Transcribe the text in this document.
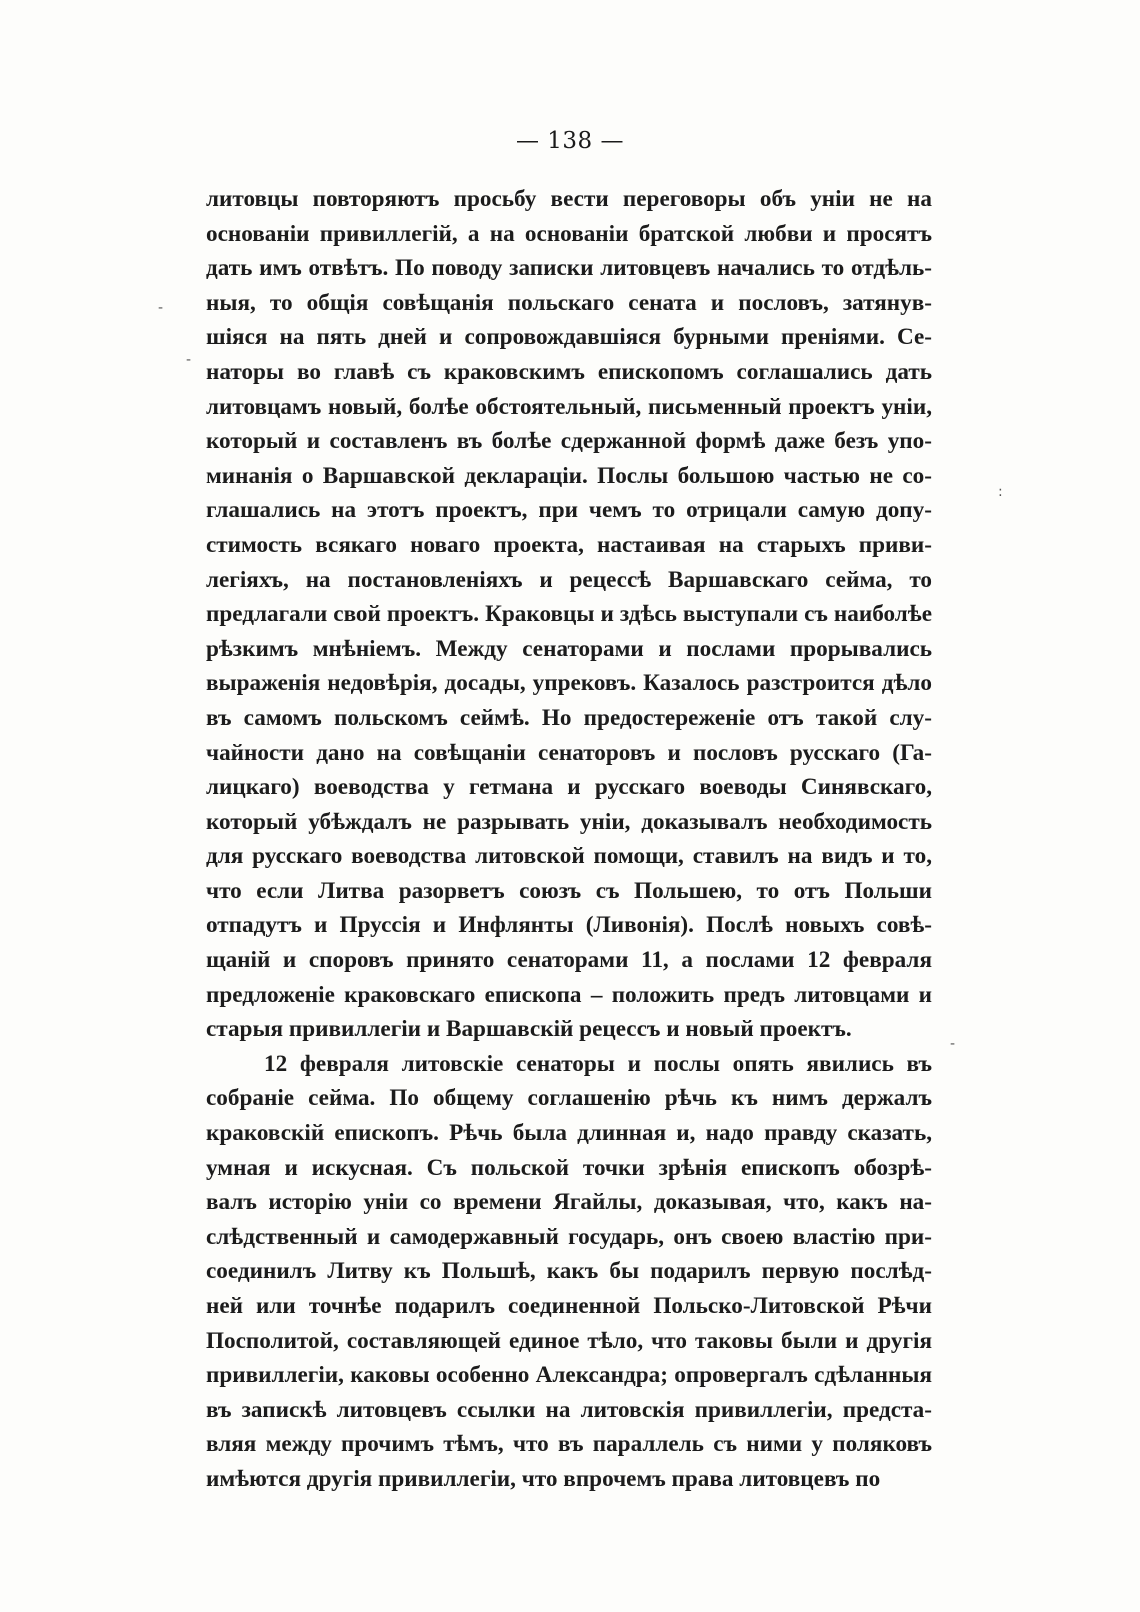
— 138 —
литовцы повторяютъ просьбу вести переговоры объ уніи не на
основаніи привиллегій, а на основаніи братской любви и просятъ
дать имъ отвѣтъ. По поводу записки литовцевъ начались то отдѣль-
ныя, то общія совѣщанія польскаго сената и пословъ, затянув-
шіяся на пять дней и сопровождавшіяся бурными преніями. Се-
наторы во главѣ съ краковскимъ епископомъ соглашались дать
литовцамъ новый, болѣе обстоятельный, письменный проектъ уніи,
который и составленъ въ болѣе сдержанной формѣ даже безъ упо-
минанія о Варшавской декларацiи. Послы большою частью не со-
глашались на этотъ проектъ, при чемъ то отрицали самую допу-
стимость всякаго новаго проекта, настаивая на старыхъ приви-
легіяхъ, на постановленіяхъ и рецессѣ Варшавскаго сейма, то
предлагали свой проектъ. Краковцы и здѣсь выступали съ наиболѣе
рѣзкимъ мнѣніемъ. Между сенаторами и послами прорывались
выраженія недовѣрія, досады, упрековъ. Казалось разстроится дѣло
въ самомъ польскомъ сеймѣ. Но предостереженіе отъ такой слу-
чайности дано на совѣщаніи сенаторовъ и пословъ русскаго (Га-
лицкаго) воеводства у гетмана и русскаго воеводы Синявскаго,
который убѣждалъ не разрывать уніи, доказывалъ необходимость
для русскаго воеводства литовской помощи, ставилъ на видъ и то,
что если Литва разорветъ союзъ съ Польшею, то отъ Польши
отпадутъ и Пруссія и Инфлянты (Ливонія). Послѣ новыхъ совѣ-
щаній и споровъ принято сенаторами 11, а послами 12 февраля
предложеніе краковскаго епископа – положить предъ литовцами и
старыя привиллегіи и Варшавскій рецессъ и новый проектъ.
12 февраля литовскіе сенаторы и послы опять явились въ
собраніе сейма. По общему соглашенію рѣчь къ нимъ держалъ
краковскій епископъ. Рѣчь была длинная и, надо правду сказать,
умная и искусная. Съ польской точки зрѣнія епископъ обозрѣ-
валъ исторію уніи со времени Ягайлы, доказывая, что, какъ на-
слѣдственный и самодержавный государь, онъ своею властію при-
соединилъ Литву къ Польшѣ, какъ бы подарилъ первую послѣд-
ней или точнѣе подарилъ соединенной Польско-Литовской Рѣчи
Посполитой, составляющей единое тѣло, что таковы были и другія
привиллегіи, каковы особенно Александра; опровергалъ сдѣланныя
въ запискѣ литовцевъ ссылки на литовскія привиллегіи, предста-
вляя между прочимъ тѣмъ, что въ параллель съ ними у поляковъ
имѣются другія привиллегіи, что впрочемъ права литовцевъ по
-
-
:
-
